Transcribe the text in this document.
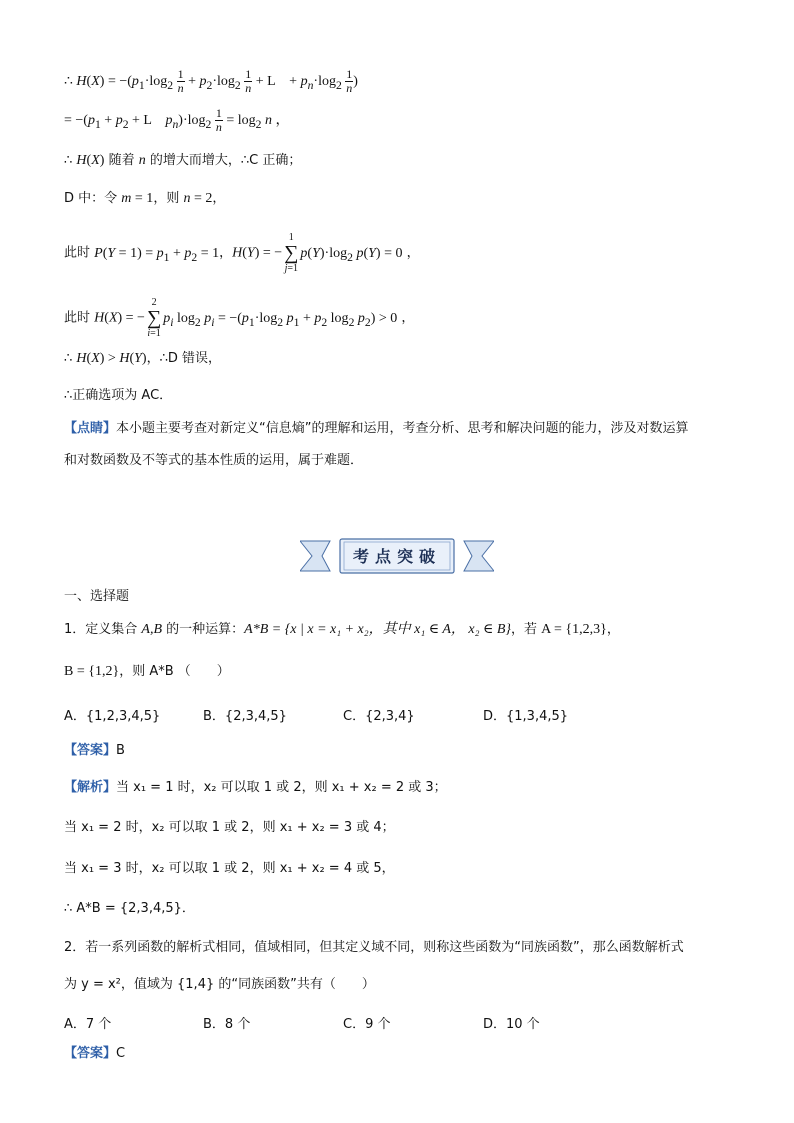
∴ $H(X) = -(p_1\cdot\log_2 \frac{1}{n} + p_2\cdot\log_2 \frac{1}{n} + L$　+ $p_n\cdot\log_2 \frac{1}{n}$ )
= $-(p_1 + p_2 + L$　$p_n)\cdot\log_2 \frac{1}{n} = \log_2 n$ ，
∴ H(X) 随着 n 的增大而增大，∴C 正确；
D 中：令 m = 1，则 n = 2，
此时 $P(Y = 1) = p_1 + p_2 = 1$，H(Y) = −
1
∑
j=1
$p(Y)\cdot\log_2$ p(Y) = 0 ，
此时 H(X) = −
2
∑
i=1
$p_i$ $\log_2 p_i = -(p_1\cdot\log_2$ $p_1 + p_2$ $\log_2 p_2) > 0$ ，
∴ H(X) > H(Y)，∴D 错误，
∴正确选项为 AC．
【点睛】本小题主要考查对新定义“信息熵”的理解和运用，考查分析、思考和解决问题的能力，涉及对数运算
和对数函数及不等式的基本性质的运用，属于难题．
考点突破
一、选择题
1．定义集合 A,B 的一种运算：A*B = {x | x = x₁ + x₂，其中 x₁ ∈ A， x₂ ∈ B}，若 A = {1,2,3}，
B = {1,2}，则 A*B （　　）
A．{1,2,3,4,5}	B．{2,3,4,5}	C．{2,3,4}	D．{1,3,4,5}
【答案】B
【解析】当 x₁ = 1 时，x₂ 可以取 1 或 2，则 x₁ + x₂ = 2 或 3；
当 x₁ = 2 时，x₂ 可以取 1 或 2，则 x₁ + x₂ = 3 或 4；
当 x₁ = 3 时，x₂ 可以取 1 或 2，则 x₁ + x₂ = 4 或 5，
∴ A*B = {2,3,4,5}．
2．若一系列函数的解析式相同，值域相同，但其定义域不同，则称这些函数为“同族函数”，那么函数解析式
为 y = x²，值域为 {1,4} 的“同族函数”共有（　　）
A．7 个	B．8 个	C．9 个	D．10 个
【答案】C
